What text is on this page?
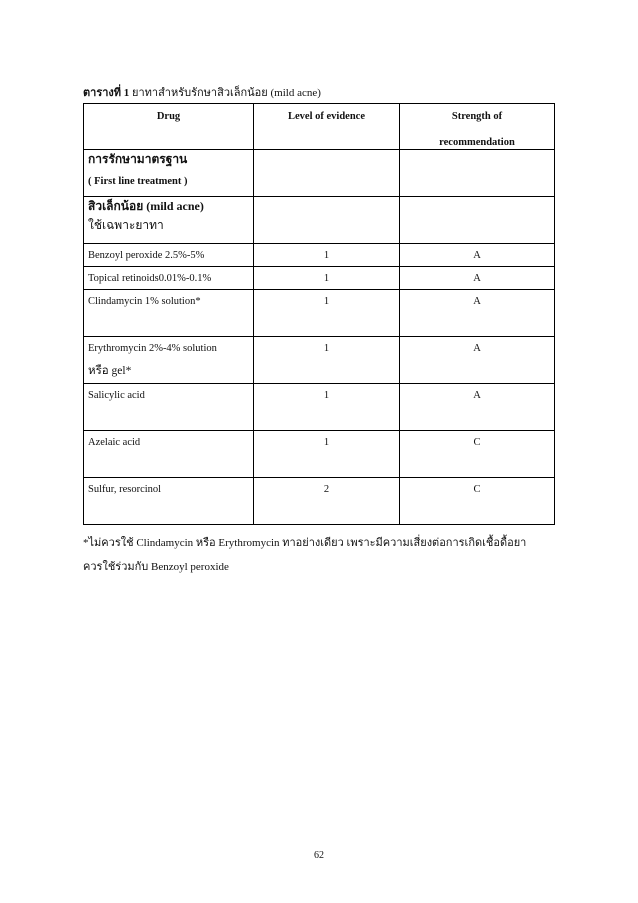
ตารางที่ 1 ยาทาสำหรับรักษาสิวเล็กน้อย (mild acne)
Drug	Level of evidence	Strength of
recommendation

การรักษามาตรฐาน
( First line treatment )		

สิวเล็กน้อย (mild acne)
ใช้เฉพาะยาทา		

Benzoyl peroxide 2.5%-5%	1	A
Topical retinoids0.01%-0.1%	1	A
Clindamycin 1% solution*	1	A
Erythromycin 2%-4% solution
หรือ gel*	1	A
Salicylic acid	1	A
Azelaic acid	1	C
Sulfur, resorcinol	2	C
*ไม่ควรใช้ Clindamycin หรือ Erythromycin ทาอย่างเดียว เพราะมีความเสี่ยงต่อการเกิดเชื้อดื้อยา
ควรใช้ร่วมกับ Benzoyl peroxide
62
